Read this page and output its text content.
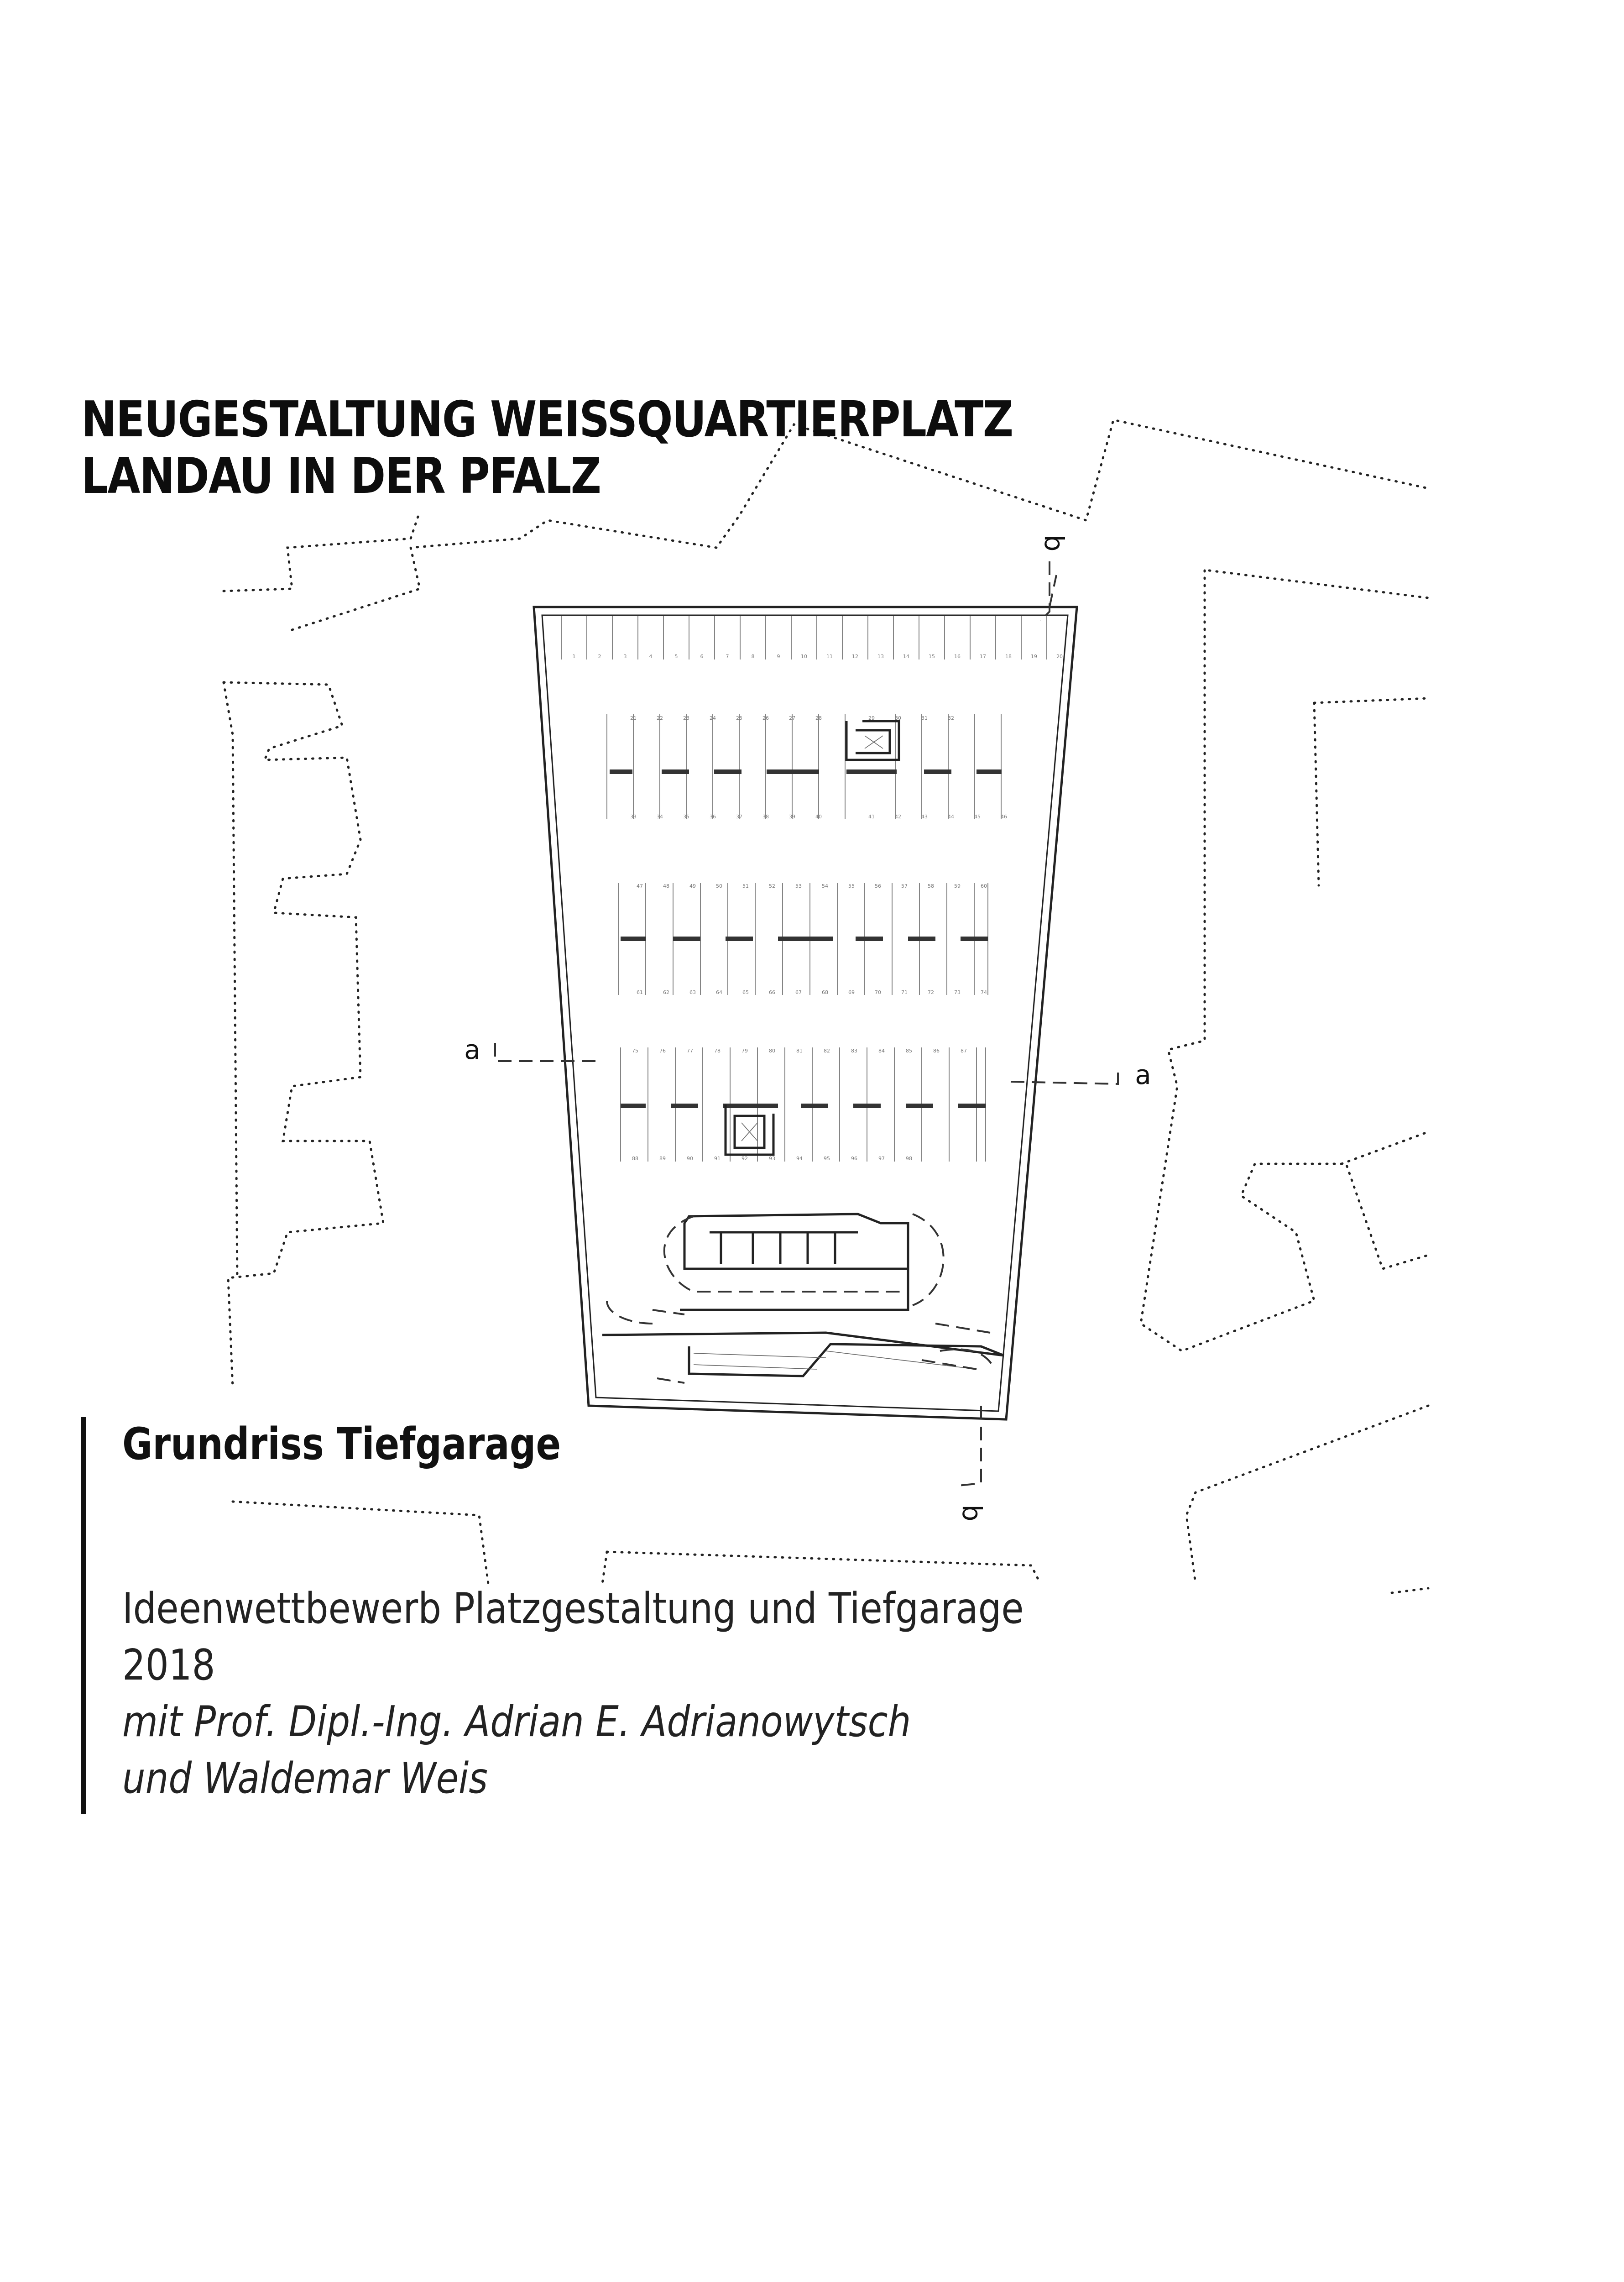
1	2	3	4	5	6	7	8	9	10	11	12	13	14	15	16	17	18	19	20
21	22	23	24	25	26	27	28	29	30	31	32
33	34	35	36	37	38	39	40	41	42	43	44	45	46
47	48	49	50	51	52	53	54	55	56	57	58	59	60
61	62	63	64	65	66	67	68	69	70	71	72	73	74
75	76	77	78	79	80	81	82	83	84	85	86	87
88	89	90	91	92	93	94	95	96	97	98
a
a
b
b
NEUGESTALTUNG WEISSQUARTIERPLATZ
LANDAU IN DER PFALZ
Grundriss Tiefgarage
Ideenwettbewerb Platzgestaltung und Tiefgarage
2018
mit Prof. Dipl.-Ing. Adrian E. Adrianowytsch
und Waldemar Weis
